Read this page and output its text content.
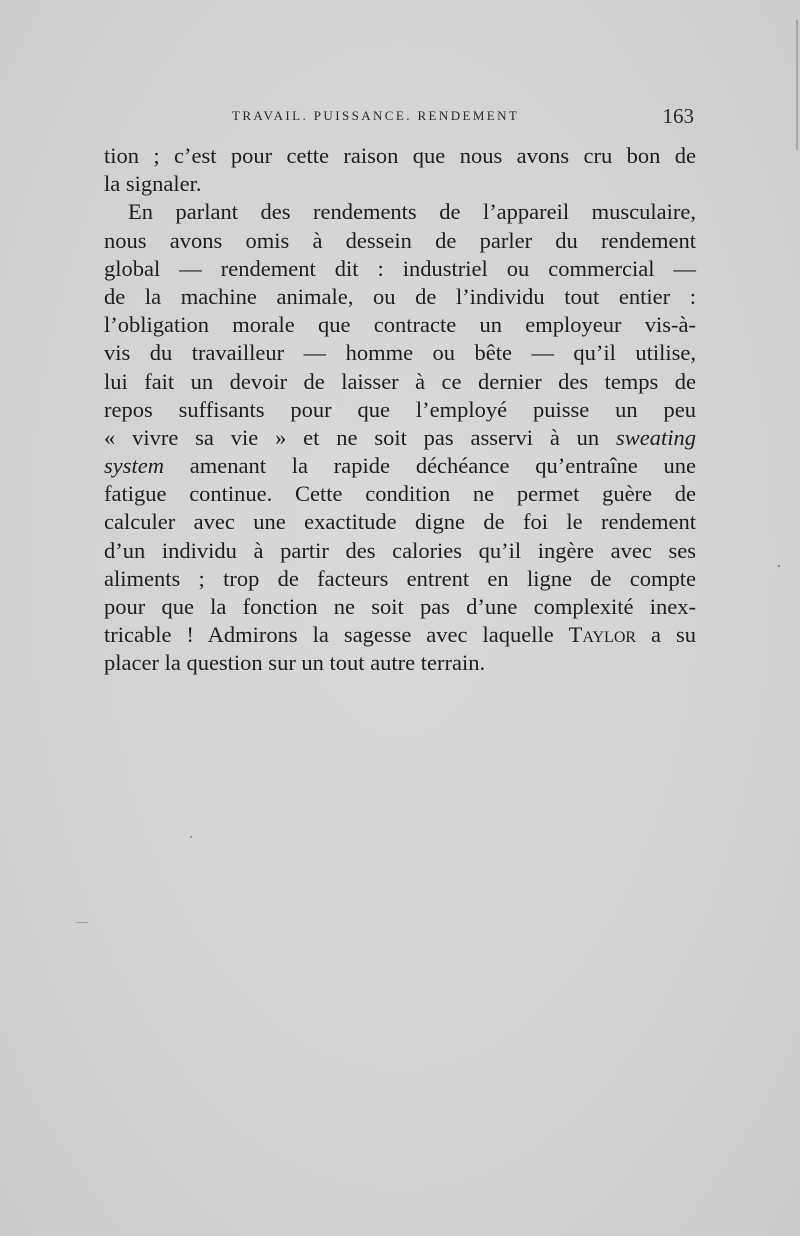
TRAVAIL. PUISSANCE. RENDEMENT	163
tion ; c’est pour cette raison que nous avons cru bon de
la signaler.
En parlant des rendements de l’appareil musculaire,
nous avons omis à dessein de parler du rendement
global — rendement dit : industriel ou commercial —
de la machine animale, ou de l’individu tout entier :
l’obligation morale que contracte un employeur vis-à-
vis du travailleur — homme ou bête — qu’il utilise,
lui fait un devoir de laisser à ce dernier des temps de
repos suffisants pour que l’employé puisse un peu
« vivre sa vie » et ne soit pas asservi à un sweating
system amenant la rapide déchéance qu’entraîne une
fatigue continue. Cette condition ne permet guère de
calculer avec une exactitude digne de foi le rendement
d’un individu à partir des calories qu’il ingère avec ses
aliments ; trop de facteurs entrent en ligne de compte
pour que la fonction ne soit pas d’une complexité inex-
tricable ! Admirons la sagesse avec laquelle Taylor a su
placer la question sur un tout autre terrain.
